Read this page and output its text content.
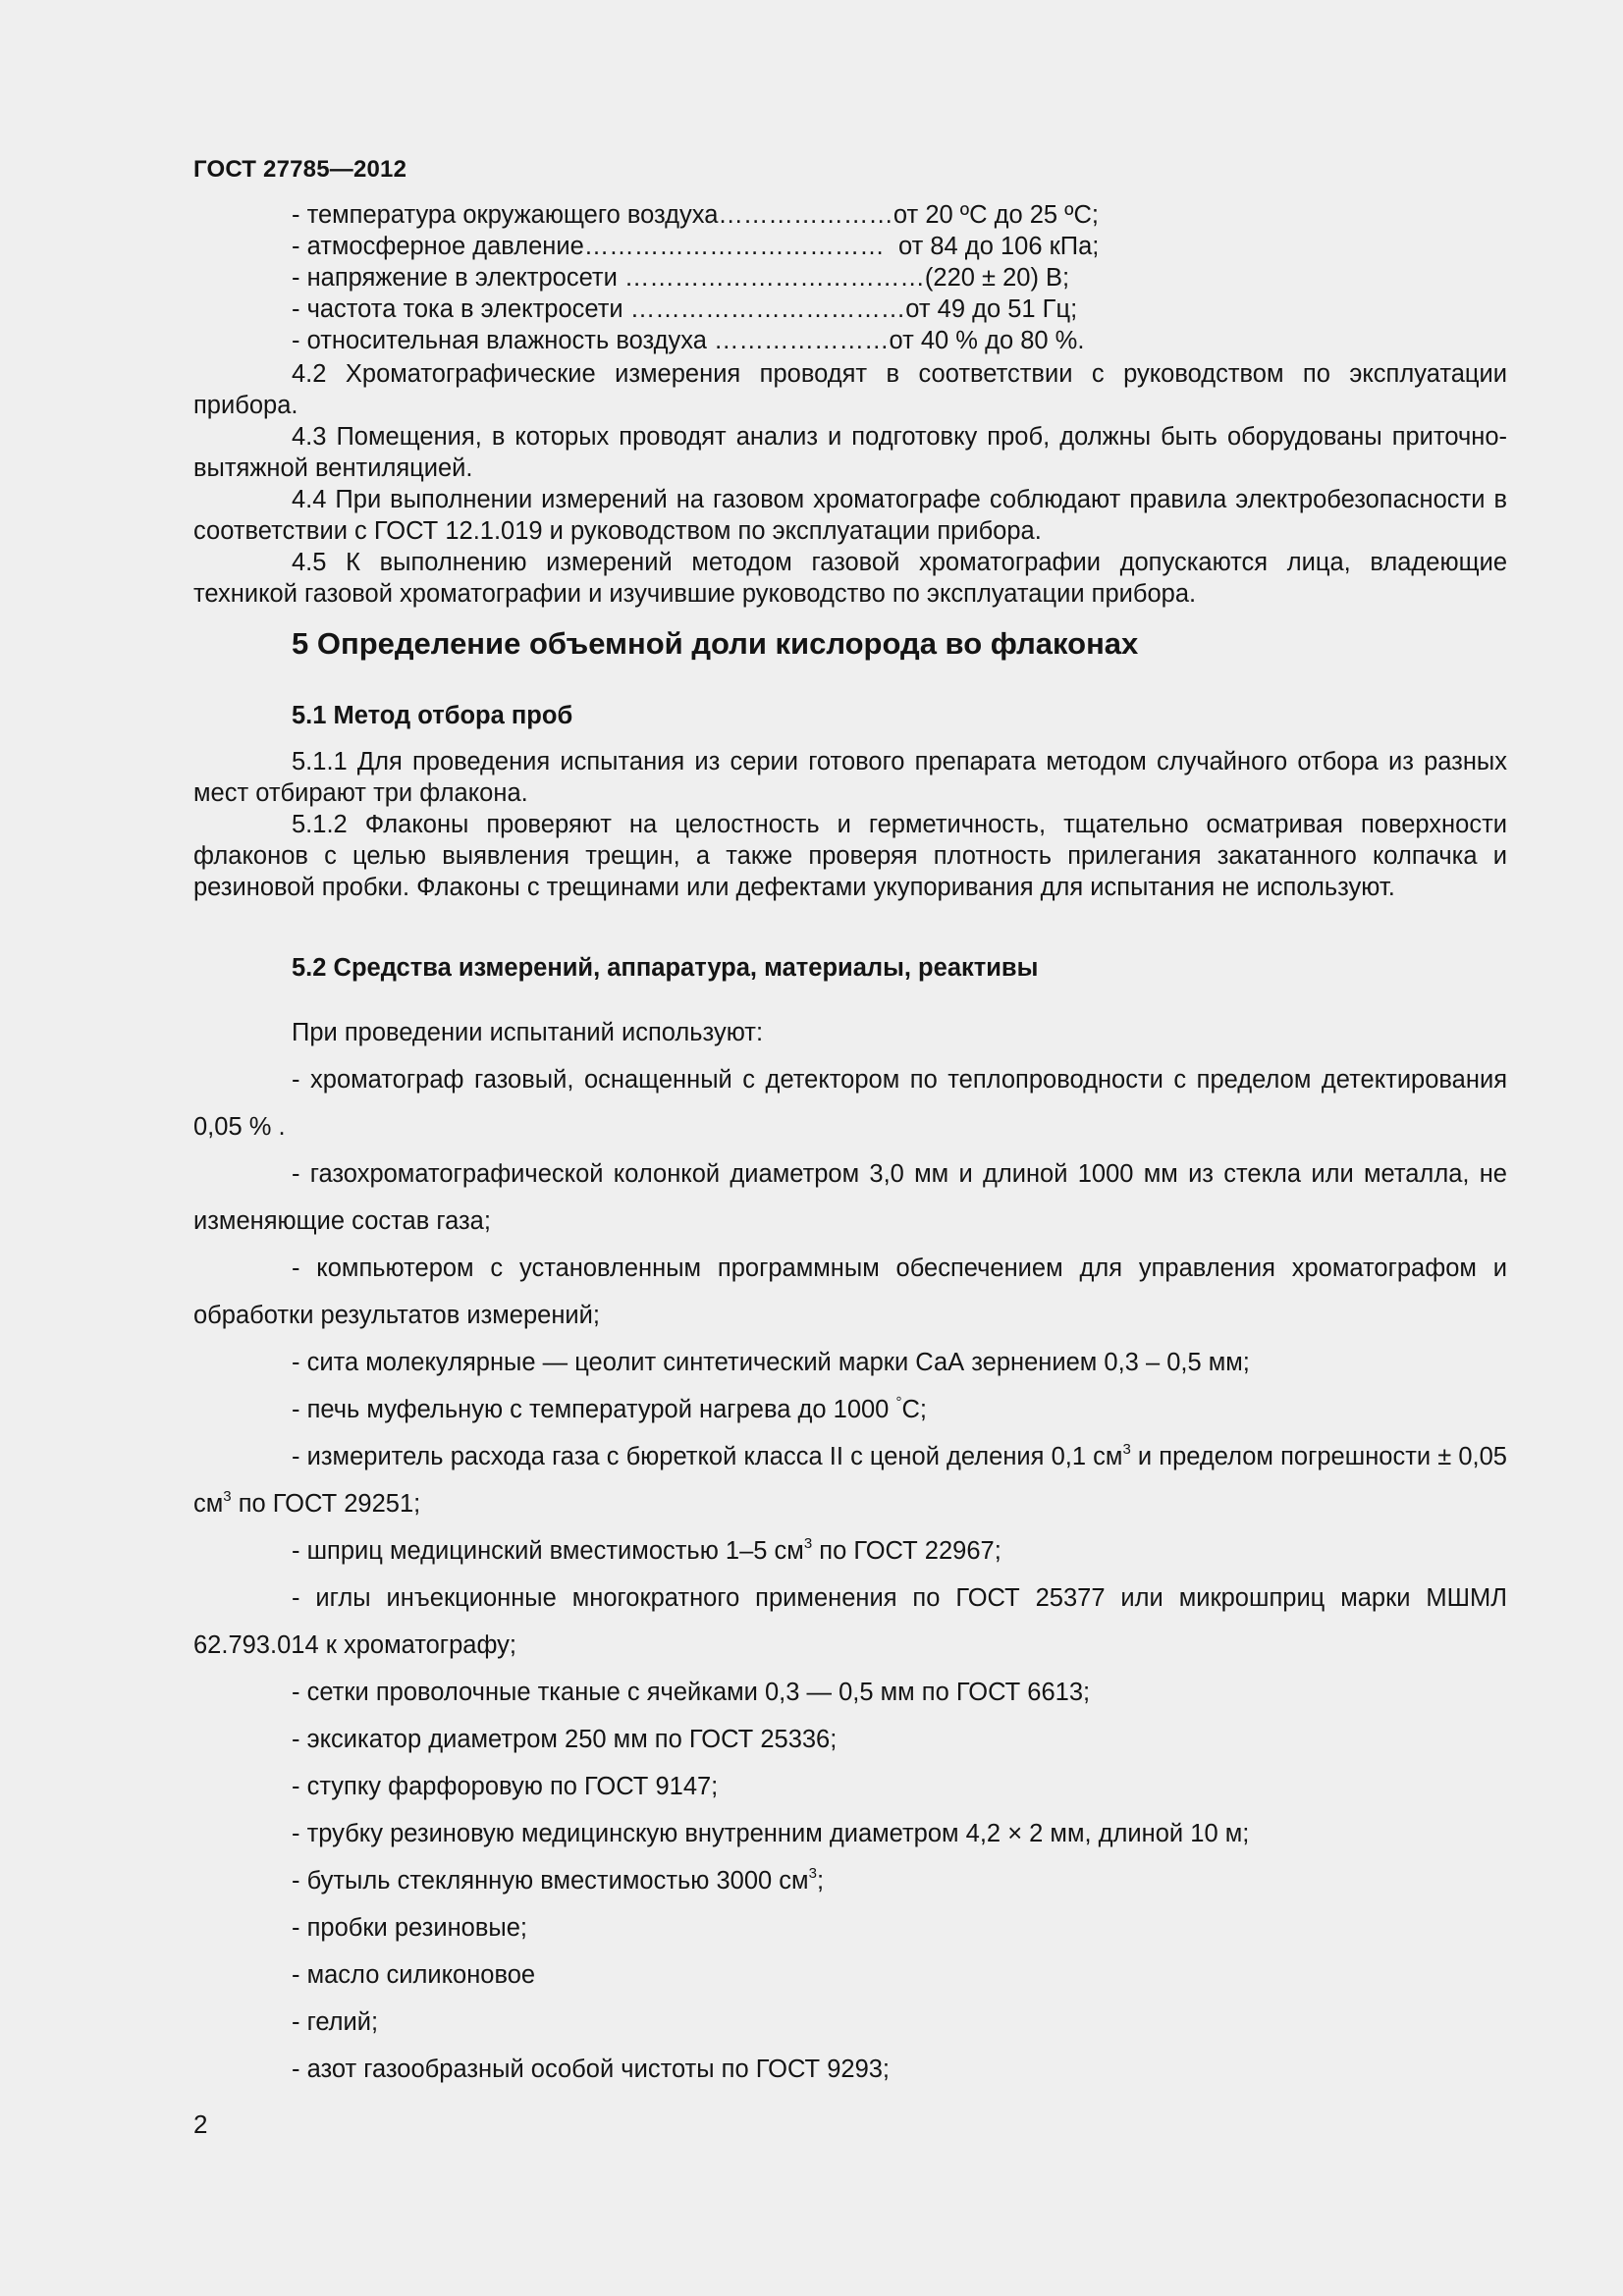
ГОСТ 27785—2012
- температура окружающего воздуха…………………от 20 ºС до 25 ºС;
- атмосферное давление………………………………  от 84 до 106 кПа;
- напряжение в электросети ………………………………(220 ± 20) В;
- частота тока в электросети ……………………………от 49 до 51 Гц;
- относительная влажность воздуха …………………от 40 % до 80 %.

4.2 Хроматографические измерения проводят в соответствии с руководством по эксплуатации прибора.

4.3 Помещения, в которых проводят анализ и подготовку проб, должны быть оборудованы приточно-вытяжной вентиляцией.

4.4 При выполнении измерений на газовом хроматографе соблюдают правила электробезопасности в соответствии с ГОСТ 12.1.019 и руководством по эксплуатации прибора.

4.5 К выполнению измерений методом газовой хроматографии допускаются лица, владеющие техникой газовой хроматографии и изучившие руководство по эксплуатации прибора.

5 Определение объемной доли кислорода во флаконах

5.1 Метод отбора проб

5.1.1 Для проведения испытания из серии готового препарата методом случайного отбора из разных мест отбирают три флакона.

5.1.2 Флаконы проверяют на целостность и герметичность, тщательно осматривая поверхности флаконов с целью выявления трещин, а также проверяя плотность прилегания закатанного колпачка и резиновой пробки. Флаконы с трещинами или дефектами укупоривания для испытания не используют.

5.2 Средства измерений, аппаратура, материалы, реактивы

При проведении испытаний используют:

- хроматограф газовый, оснащенный с детектором по теплопроводности с пределом детектирования 0,05 % .

- газохроматографической колонкой диаметром 3,0 мм и длиной 1000 мм из стекла или металла, не изменяющие состав газа;

- компьютером с установленным программным обеспечением для управления хроматографом и обработки результатов измерений;

- сита молекулярные — цеолит синтетический марки СаА зернением 0,3 – 0,5 мм;

- печь муфельную с температурой нагрева до 1000 °С;

- измеритель расхода газа с бюреткой класса II с ценой деления 0,1 $см^3$ и пределом погрешности ± 0,05 $см^3$ по ГОСТ 29251;

- шприц медицинский вместимостью 1–5 $см^3$ по ГОСТ 22967;

- иглы инъекционные многократного применения по ГОСТ 25377 или микрошприц марки МШМЛ 62.793.014 к хроматографу;

- сетки проволочные тканые с ячейками 0,3 — 0,5 мм по ГОСТ 6613;

- эксикатор диаметром 250 мм по ГОСТ 25336;

- ступку фарфоровую по ГОСТ 9147;

- трубку резиновую медицинскую внутренним диаметром 4,2 × 2 мм, длиной 10 м;

- бутыль стеклянную вместимостью 3000 $см^3$;

- пробки резиновые;

- масло силиконовое

- гелий;

- азот газообразный особой чистоты по ГОСТ 9293;

2
